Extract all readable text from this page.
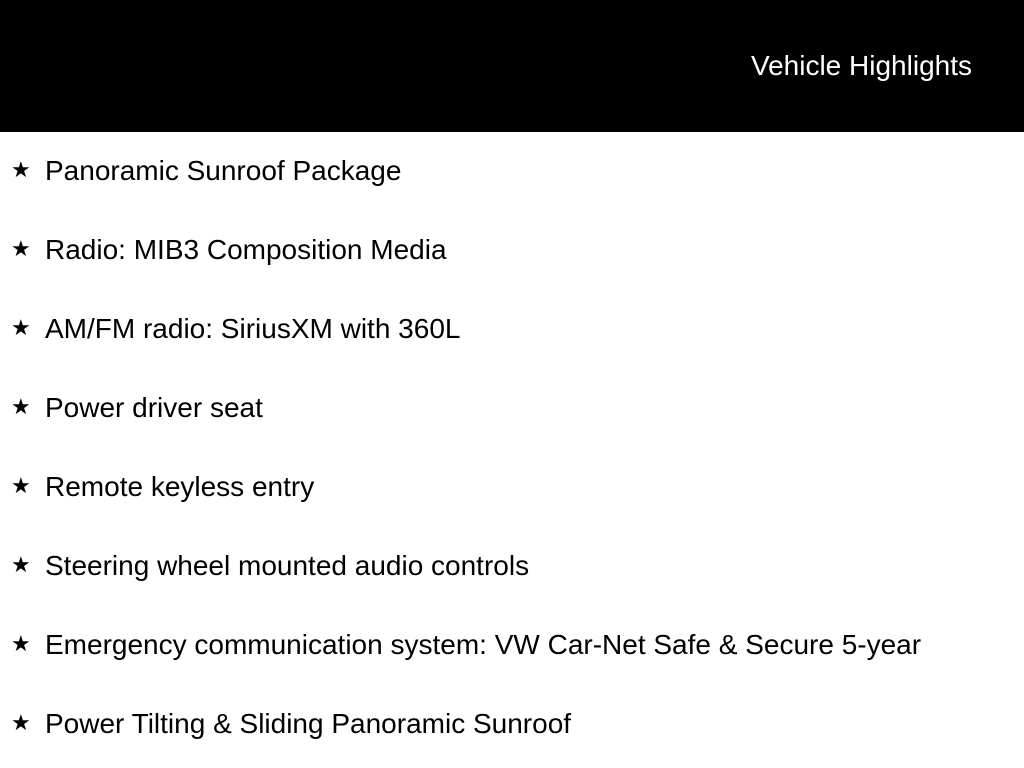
Vehicle Highlights
★ Panoramic Sunroof Package
★ Radio: MIB3 Composition Media
★ AM/FM radio: SiriusXM with 360L
★ Power driver seat
★ Remote keyless entry
★ Steering wheel mounted audio controls
★ Emergency communication system: VW Car-Net Safe & Secure 5-year
★ Power Tilting & Sliding Panoramic Sunroof
